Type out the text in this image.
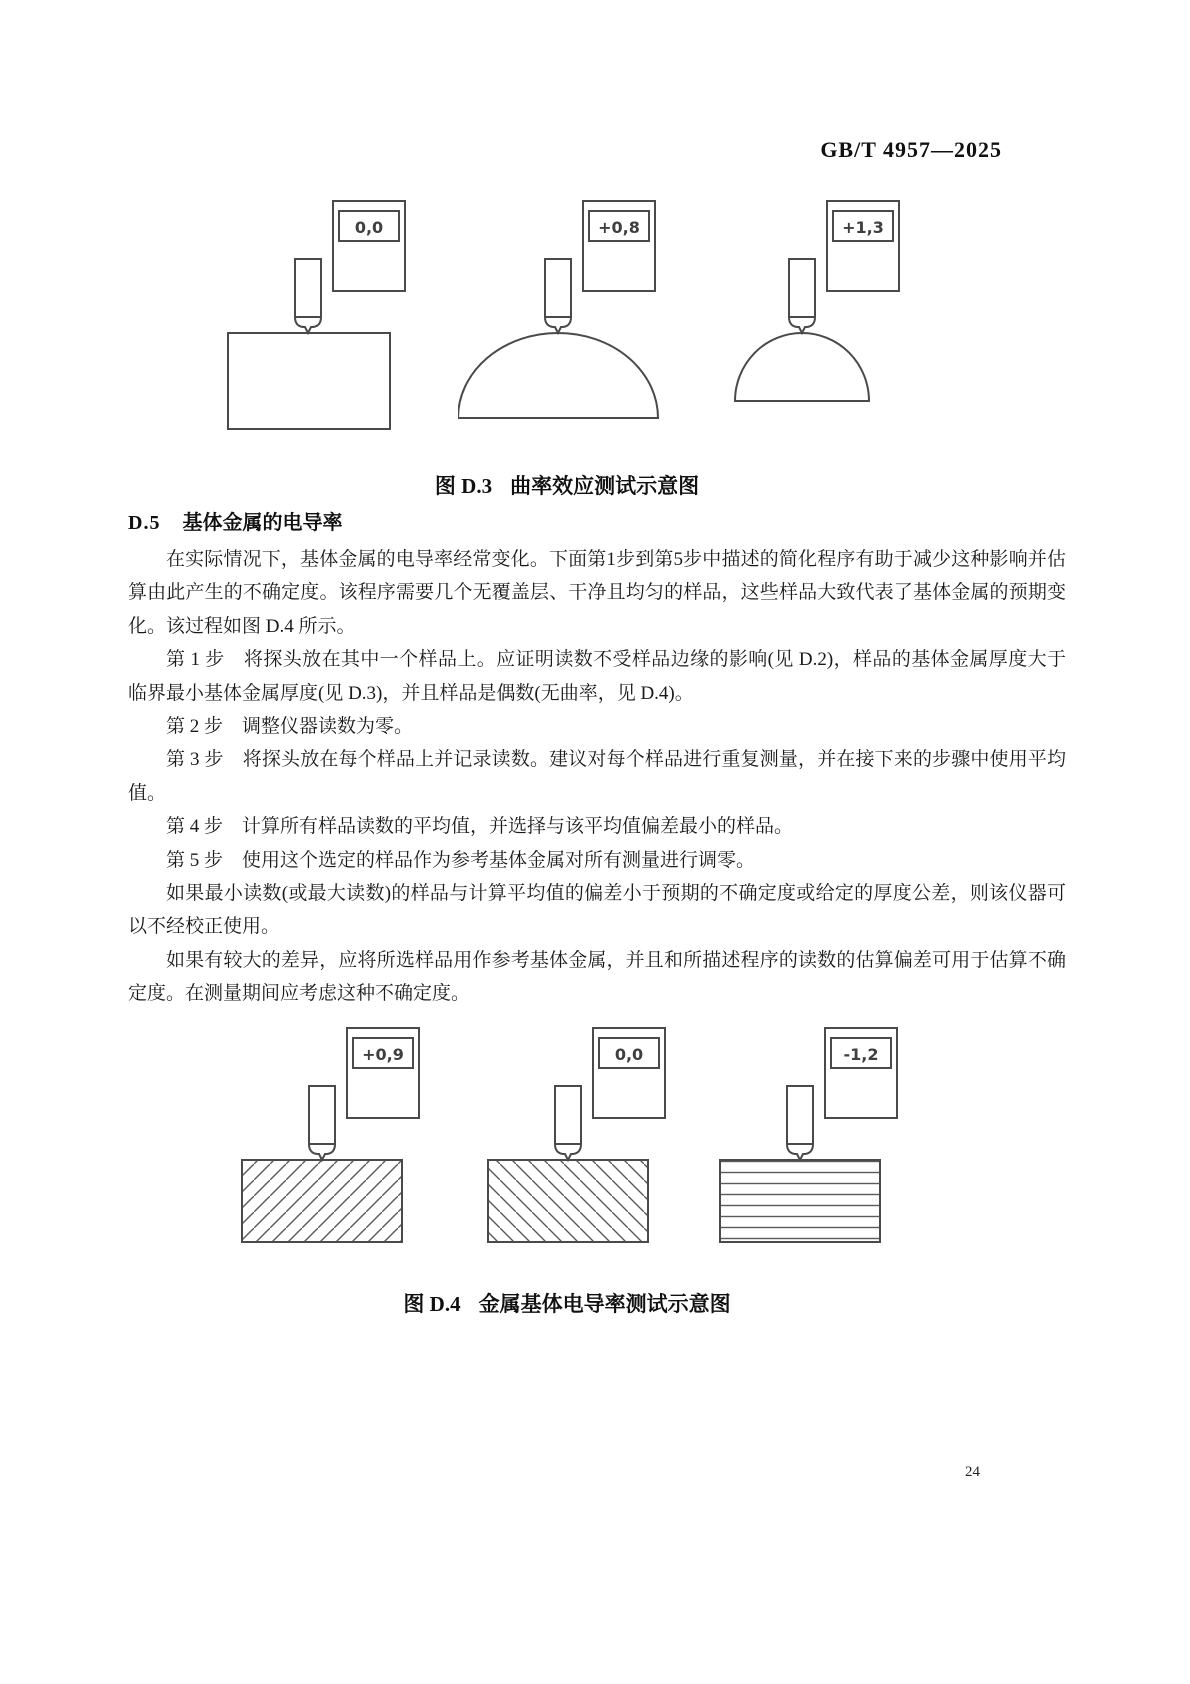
GB/T 4957—2025
0,0	+0,8	+1,3
图 D.3 曲率效应测试示意图
D.5 基体金属的电导率

在实际情况下，基体金属的电导率经常变化。下面第1步到第5步中描述的简化程序有助于减少这种影响并估算由此产生的不确定度。该程序需要几个无覆盖层、干净且均匀的样品，这些样品大致代表了基体金属的预期变化。该过程如图 D.4 所示。

第 1 步　将探头放在其中一个样品上。应证明读数不受样品边缘的影响(见 D.2)，样品的基体金属厚度大于临界最小基体金属厚度(见 D.3)，并且样品是偶数(无曲率，见 D.4)。

第 2 步　调整仪器读数为零。

第 3 步　将探头放在每个样品上并记录读数。建议对每个样品进行重复测量，并在接下来的步骤中使用平均值。

第 4 步　计算所有样品读数的平均值，并选择与该平均值偏差最小的样品。

第 5 步　使用这个选定的样品作为参考基体金属对所有测量进行调零。

如果最小读数(或最大读数)的样品与计算平均值的偏差小于预期的不确定度或给定的厚度公差，则该仪器可以不经校正使用。

如果有较大的差异，应将所选样品用作参考基体金属，并且和所描述程序的读数的估算偏差可用于估算不确定度。在测量期间应考虑这种不确定度。

+0,9	0,0	-1,2
图 D.4 金属基体电导率测试示意图
24
